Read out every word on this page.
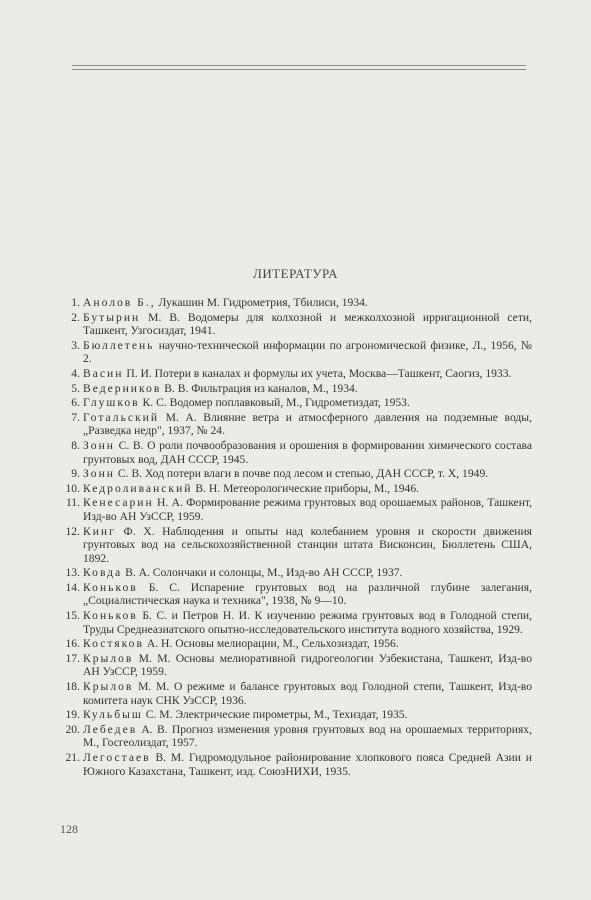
ЛИТЕРАТУРА
1. Анолов Б., Лукашин М. Гидрометрия, Тбилиси, 1934.
2. Бутырин М. В. Водомеры для колхозной и межколхозной ирригационной сети, Ташкент, Узгосиздат, 1941.
3. Бюллетень научно-технической информации по агрономической физике, Л., 1956, № 2.
4. Васин П. И. Потери в каналах и формулы их учета, Москва—Ташкент, Саогиз, 1933.
5. Ведерников В. В. Фильтрация из каналов, М., 1934.
6. Глушков К. С. Водомер поплавковый, М., Гидрометиздат, 1953.
7. Готальский М. А. Влияние ветра и атмосферного давления на подземные воды, „Разведка недр", 1937, № 24.
8. Зонн С. В. О роли почвообразования и орошения в формировании химического состава грунтовых вод, ДАН СССР, 1945.
9. Зонн С. В. Ход потери влаги в почве под лесом и степью, ДАН СССР, т. X, 1949.
10. Кедроливанский В. Н. Метеорологические приборы, М., 1946.
11. Кенесарин Н. А. Формирование режима грунтовых вод орошаемых районов, Ташкент, Изд-во АН УзССР, 1959.
12. Кинг Ф. Х. Наблюдения и опыты над колебанием уровня и скорости движения грунтовых вод на сельскохозяйственной станции штата Висконсин, Бюллетень США, 1892.
13. Ковда В. А. Солончаки и солонцы, М., Изд-во АН СССР, 1937.
14. Коньков Б. С. Испарение грунтовых вод на различной глубине залегания, „Социалистическая наука и техника", 1938, № 9—10.
15. Коньков Б. С. и Петров Н. И. К изучению режима грунтовых вод в Голодной степи, Труды Среднеазиатского опытно-исследовательского института водного хозяйства, 1929.
16. Костяков А. Н. Основы мелиорации, М., Сельхозиздат, 1956.
17. Крылов М. М. Основы мелиоративной гидрогеологии Узбекистана, Ташкент, Изд-во АН УзССР, 1959.
18. Крылов М. М. О режиме и балансе грунтовых вод Голодной степи, Ташкент, Изд-во комитета наук СНК УзССР, 1936.
19. Кульбыш С. М. Электрические пирометры, М., Техиздат, 1935.
20. Лебедев А. В. Прогноз изменения уровня грунтовых вод на орошаемых территориях, М., Госгеолиздат, 1957.
21. Легостаев В. М. Гидромодульное районирование хлопкового пояса Средней Азии и Южного Казахстана, Ташкент, изд. СоюзНИХИ, 1935.
128
